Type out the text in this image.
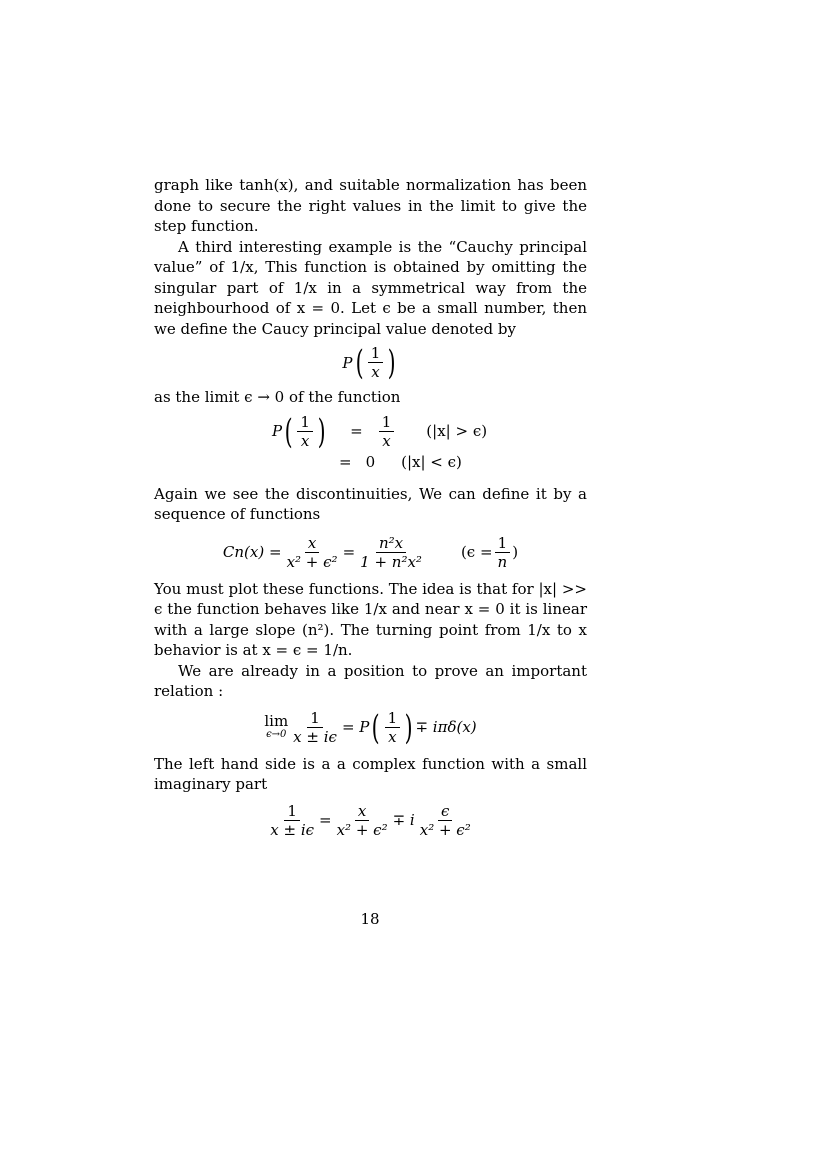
graph like tanh(x), and suitable normalization has been done to secure the right values in the limit to give the step function.

A third interesting example is the “Cauchy principal value” of 1/x, This function is obtained by omitting the singular part of 1/x in a symmetrical way from the neighbourhood of x = 0. Let ϵ be a small number, then we define the Caucy principal value denoted by

P ( $\frac{1}{x}$ )

as the limit ϵ → 0 of the function

P ( $\frac{1}{x}$ ) = $\frac{1}{x} (|x| > \epsilon)$
= 0 (|x| < ϵ)

Again we see the discontinuities, We can define it by a sequence of functions

$Cn(x) = \frac{x}{\text{x² + ϵ²}} = \frac{\text{n²x}}{\text{1 + n²x²}} (\epsilon = \frac{1}{n}$ )

You must plot these functions. The idea is that for |x| >> ϵ the function behaves like 1/x and near x = 0 it is linear with a large slope (n²). The turning point from 1/x to x behavior is at x = ϵ = 1/n.

We are already in a position to prove an important relation :

lim
$\epsilon\to 0 \frac{1}{x \pm i\epsilon} = P$ ( $\frac{1}{x}$ ) ∓ iπδ(x)

The left hand side is a a complex function with a small imaginary part

$\frac{1}{x \pm i\epsilon} = \frac{x}{\text{x² + ϵ²}} \mp i \frac{\epsilon}{\text{x² + ϵ²}}$
18
